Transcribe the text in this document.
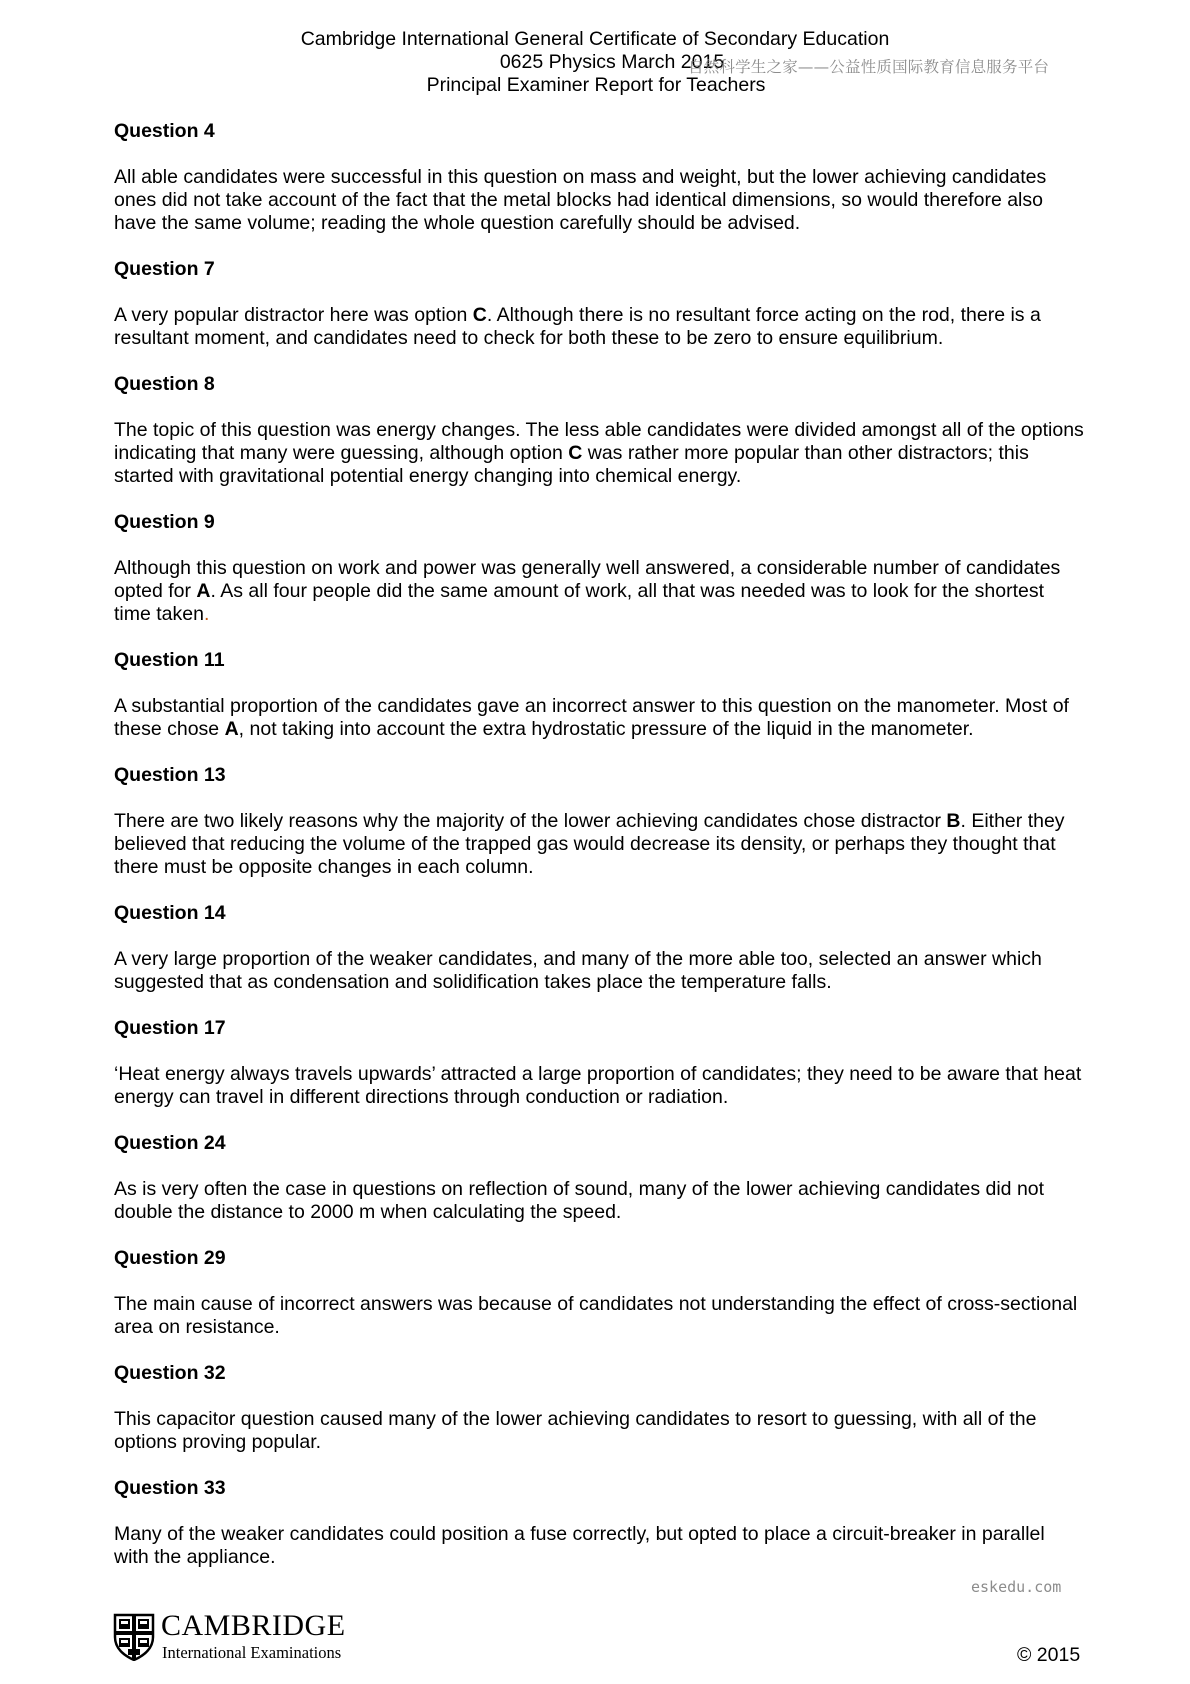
Cambridge International General Certificate of Secondary Education
0625 Physics March 2015
Principal Examiner Report for Teachers
自然科学生之家——公益性质国际教育信息服务平台
Question 4
All able candidates were successful in this question on mass and weight, but the lower achieving candidates ones did not take account of the fact that the metal blocks had identical dimensions, so would therefore also have the same volume; reading the whole question carefully should be advised.
Question 7
A very popular distractor here was option C. Although there is no resultant force acting on the rod, there is a resultant moment, and candidates need to check for both these to be zero to ensure equilibrium.
Question 8
The topic of this question was energy changes. The less able candidates were divided amongst all of the options indicating that many were guessing, although option C was rather more popular than other distractors; this started with gravitational potential energy changing into chemical energy.
Question 9
Although this question on work and power was generally well answered, a considerable number of candidates opted for A. As all four people did the same amount of work, all that was needed was to look for the shortest time taken.
Question 11
A substantial proportion of the candidates gave an incorrect answer to this question on the manometer. Most of these chose A, not taking into account the extra hydrostatic pressure of the liquid in the manometer.
Question 13
There are two likely reasons why the majority of the lower achieving candidates chose distractor B. Either they believed that reducing the volume of the trapped gas would decrease its density, or perhaps they thought that there must be opposite changes in each column.
Question 14
A very large proportion of the weaker candidates, and many of the more able too, selected an answer which suggested that as condensation and solidification takes place the temperature falls.
Question 17
‘Heat energy always travels upwards’ attracted a large proportion of candidates; they need to be aware that heat energy can travel in different directions through conduction or radiation.
Question 24
As is very often the case in questions on reflection of sound, many of the lower achieving candidates did not double the distance to 2000 m when calculating the speed.
Question 29
The main cause of incorrect answers was because of candidates not understanding the effect of cross-sectional area on resistance.
Question 32
This capacitor question caused many of the lower achieving candidates to resort to guessing, with all of the options proving popular.
Question 33
Many of the weaker candidates could position a fuse correctly, but opted to place a circuit-breaker in parallel with the appliance.
eskedu.com
CAMBRIDGE
International Examinations	© 2015
